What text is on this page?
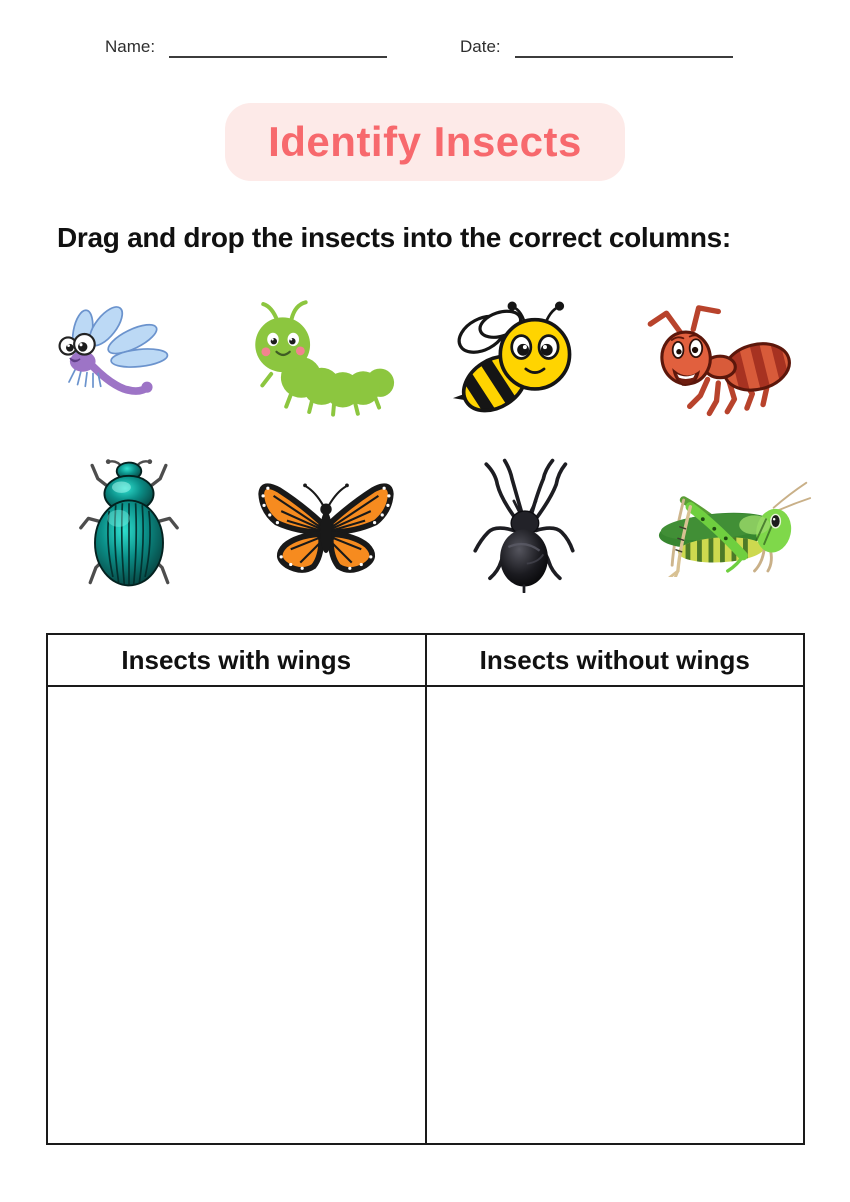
Name:	Date:
Identify Insects
Drag and drop the insects into the correct columns:
Insects with wings	Insects without wings
